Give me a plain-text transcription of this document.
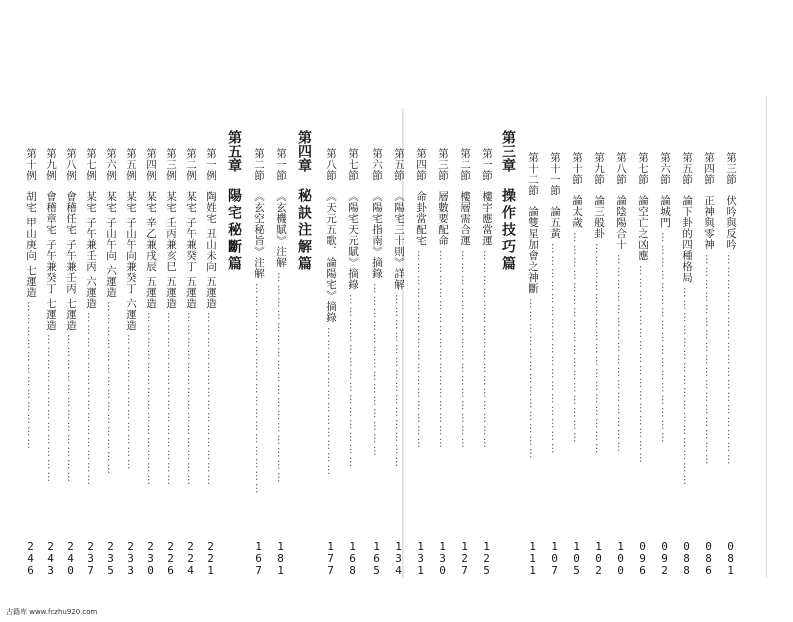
第三節 伏吟與反吟 ……………………………………………
081
第四節 正神與零神 ……………………………………………
086
第五節 論下卦的四種格局 …………………………………………
088
第六節 論城門 ……………………………………………
092
第七節 論空亡之凶應 …………………………………………
096
第八節 論陰陽合十 …………………………………………
100
第九節 論三般卦 ……………………………………………
102
第十節 論太歲 ……………………………………………
105
第十一節 論五黃 ……………………………………………
107
第十二節 論雙星加會之神斷 …………………………………
111
第三章操作技巧篇
第一節 樓宇應當運 …………………………………………
125
第二節 樓層需合運 …………………………………………
127
第三節 層數要配命 …………………………………………
130
第四節 命卦當配宅 …………………………………………
131
第五節 《陽宅三十則》詳解 ……………………………………
134
第六節 《陽宅指南》摘錄 ……………………………………
165
第七節 《陽宅天元賦》摘錄 ……………………………………
168
第八節 《天元五歌．論陽宅》摘錄 ………………………………
177
第四章秘訣注解篇
第一節 《玄機賦》注解 ……………………………………………
181
第二節 《玄空秘旨》注解 ……………………………………………
167
第五章陽宅秘斷篇
第一例 陶姓宅 丑山未向 五運造 ……………………………………
221
第二例 某宅 子午兼癸丁 五運造 ……………………………………
224
第三例 某宅 壬丙兼亥巳 五運造 ……………………………………
226
第四例 某宅 辛乙兼戌辰 五運造 ……………………………………
230
第五例 某宅 子山午向兼癸丁 六運造 ……………………………
233
第六例 某宅 子山午向 六運造 ……………………………………
235
第七例 某宅 子午兼壬丙 六運造 ……………………………………
237
第八例 會稽任宅 子午兼壬丙 七運造 ………………………………
240
第九例 會稽章宅 子午兼癸丁 七運造 ………………………………
243
第十例 胡宅 甲山庚向 七運造 ………………………………
246
古籍库 www.fczhu920.com
